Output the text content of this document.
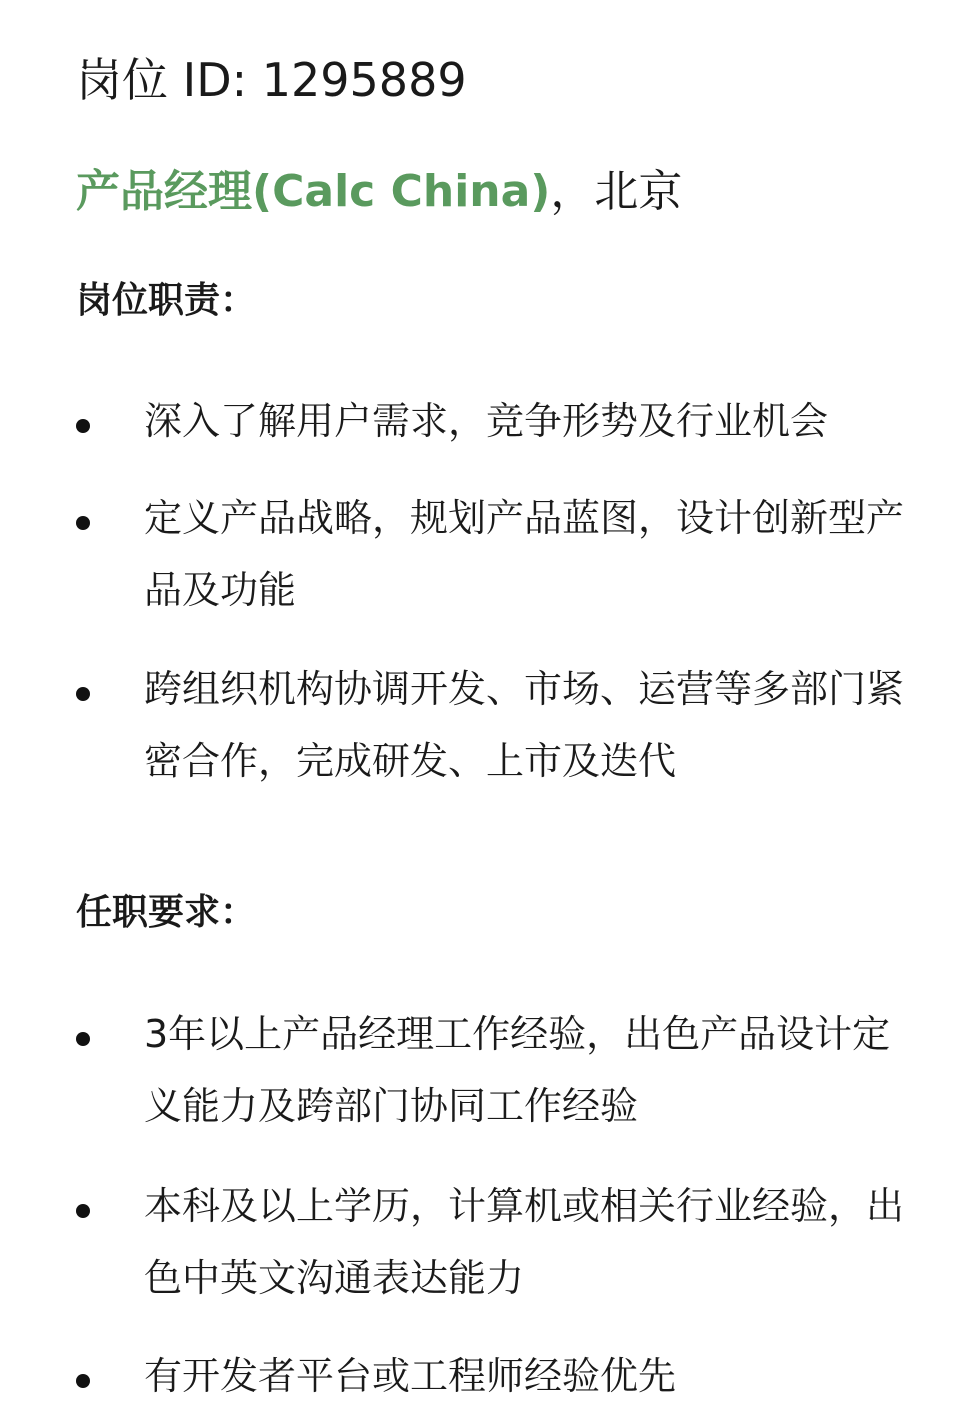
岗位 ID: 1295889
产品经理(Calc China)，北京
岗位职责：
深入了解用户需求，竞争形势及行业机会
定义产品战略，规划产品蓝图，设计创新型产品及功能
跨组织机构协调开发、市场、运营等多部门紧密合作，完成研发、上市及迭代
任职要求：
3年以上产品经理工作经验，出色产品设计定义能力及跨部门协同工作经验
本科及以上学历，计算机或相关行业经验，出色中英文沟通表达能力
有开发者平台或工程师经验优先
